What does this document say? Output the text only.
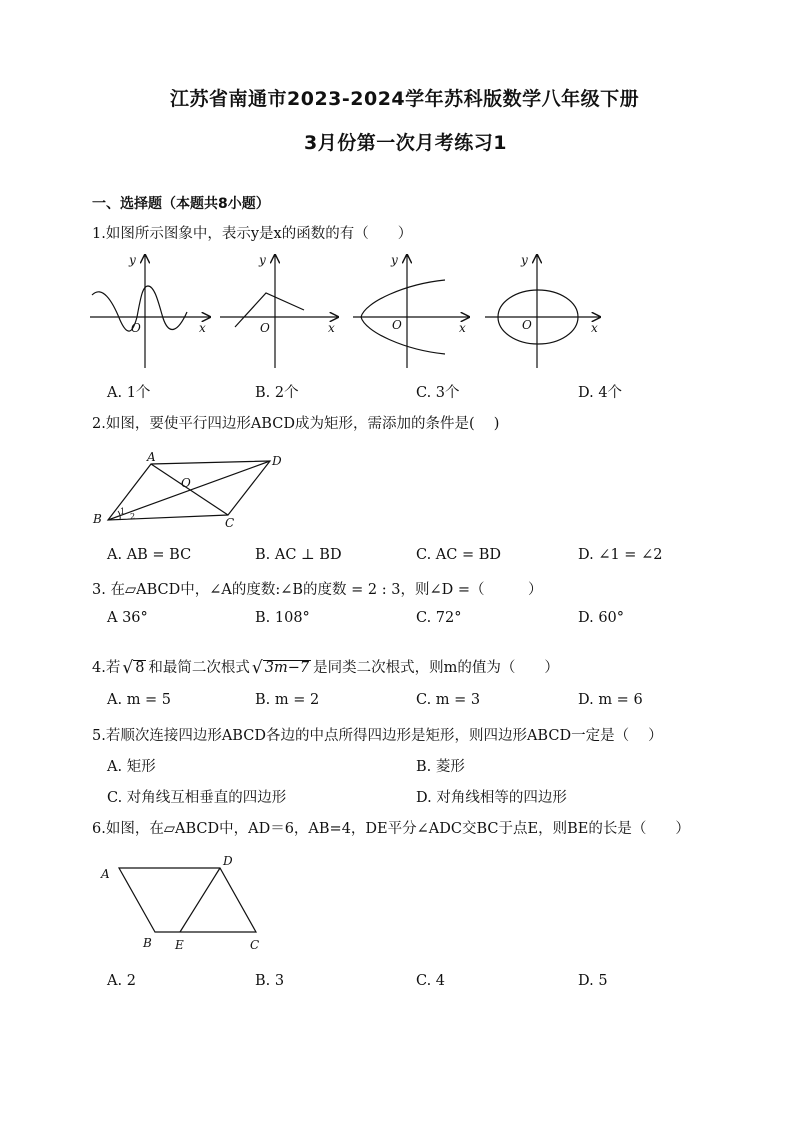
江苏省南通市2023-2024学年苏科版数学八年级下册
3月份第一次月考练习1
一、选择题（本题共8小题）
1.如图所示图象中，表示y是x的函数的有（　　）
x
y
O	x
y
O	x
y
O	x
y
O
A. 1个	B. 2个	C. 3个	D. 4个
2.如图，要使平行四边形ABCD成为矩形，需添加的条件是(　 )
A	D
O
B	C
1
2
A. AB = BC	B. AC ⊥ BD	C. AC = BD	D. ∠1 = ∠2
3. 在▱ABCD中，∠A的度数:∠B的度数 = 2 : 3，则∠D =（　　　）
A 36°	B. 108°	C. 72°	D. 60°
4.若 √ 8 和最简二次根式 √ 3m−7 是同类二次根式，则m的值为（　　）
A. m = 5	B. m = 2	C. m = 3	D. m = 6
5.若顺次连接四边形ABCD各边的中点所得四边形是矩形，则四边形ABCD一定是（　 ）
A. 矩形	B. 菱形
C. 对角线互相垂直的四边形	D. 对角线相等的四边形
6.如图，在▱ABCD中，AD＝6，AB=4，DE平分∠ADC交BC于点E，则BE的长是（　　）
A
D
B E	C
A. 2	B. 3	C. 4	D. 5
